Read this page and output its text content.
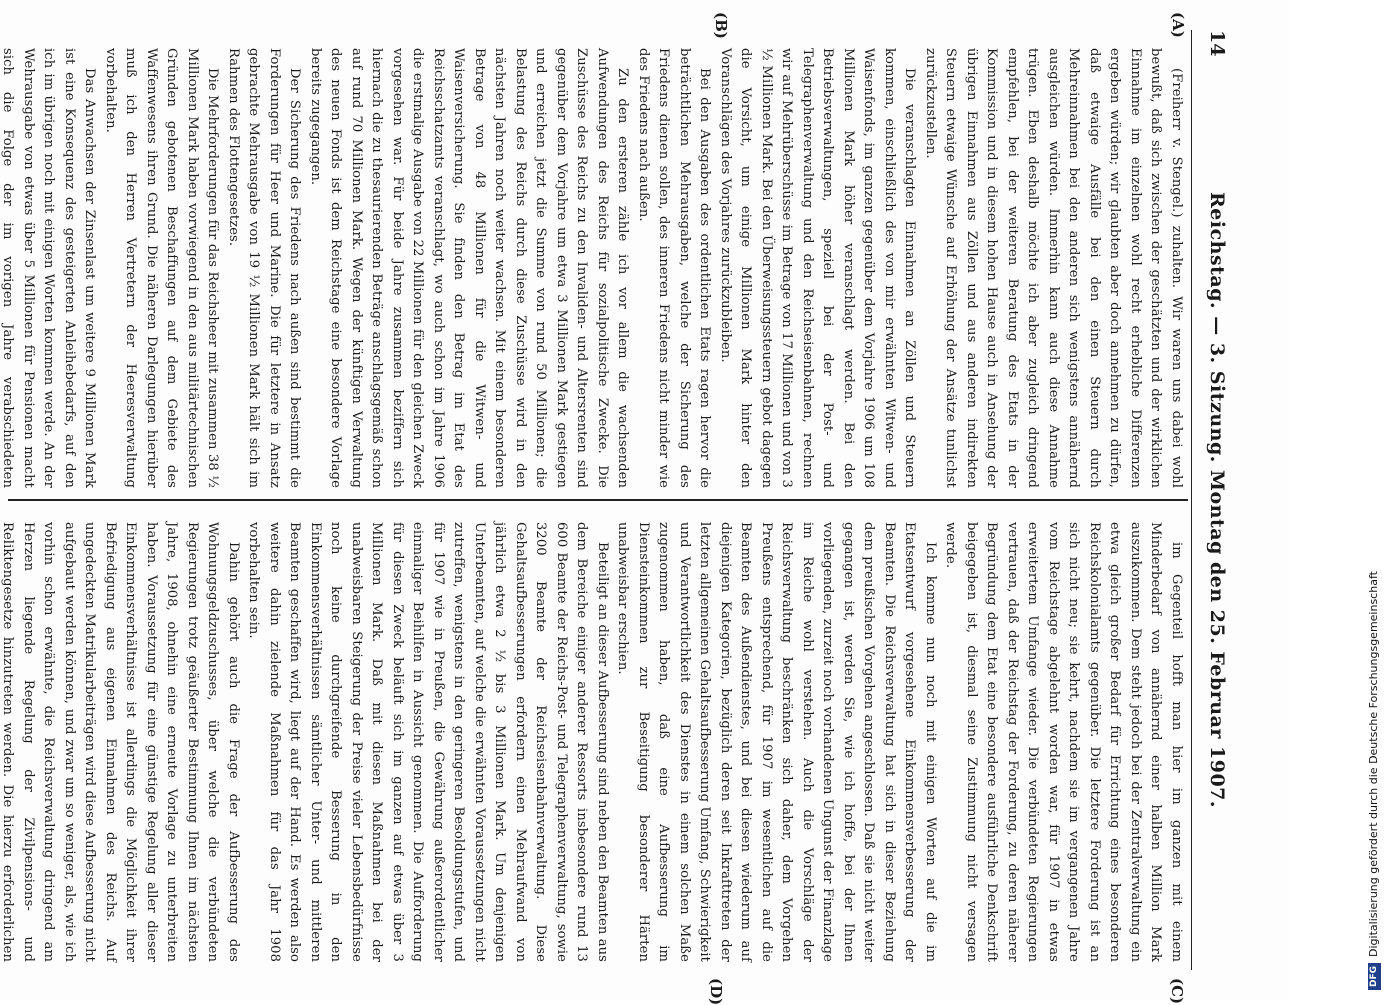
14
Reichstag. — 3. Sitzung. Montag den 25. Februar 1907.
(A)
(B)
(C)
(D)

(Freiherr v. Stengel.) zuhalten. Wir waren uns dabei wohl bewußt, daß sich zwischen der geschätzten und der wirklichen Einnahme im einzelnen wohl recht erhebliche Differenzen ergeben würden; wir glaubten aber doch annehmen zu dürfen, daß etwaige Ausfälle bei den einen Steuern durch Mehreinnahmen bei den anderen sich wenigstens annähernd ausgleichen würden. Immerhin kann auch diese Annahme trügen. Eben deshalb möchte ich aber zugleich dringend empfehlen, bei der weiteren Beratung des Etats in der Kommission und in diesem hohen Hause auch in Ansehung der übrigen Einnahmen aus Zöllen und aus anderen indirekten Steuern etwaige Wünsche auf Erhöhung der Ansätze tunlichst zurückzustellen.

Die veranschlagten Einnahmen an Zöllen und Steuern kommen, einschließlich des von mir erwähnten Witwen- und Waisenfonds, im ganzen gegenüber dem Vorjahre 1906 um 108 Millionen Mark höher veranschlagt werden. Bei den Betriebsverwaltungen, speziell bei der Post- und Telegraphenverwaltung und den Reichseisenbahnen, rechnen wir auf Mehrüberschüsse im Betrage von 17 Millionen und von 3 ½ Millionen Mark. Bei den Überweisungssteuern gebot dagegen die Vorsicht, um einige Millionen Mark hinter den Voranschlägen des Vorjahres zurückzubleiben.

Bei den Ausgaben des ordentlichen Etats ragen hervor die beträchtlichen Mehrausgaben, welche der Sicherung des Friedens dienen sollen, des inneren Friedens nicht minder wie des Friedens nach außen.

Zu den ersteren zähle ich vor allem die wachsenden Aufwendungen des Reichs für sozialpolitische Zwecke. Die Zuschüsse des Reichs zu den Invaliden- und Altersrenten sind gegenüber dem Vorjahre um etwa 3 Millionen Mark gestiegen und erreichen jetzt die Summe von rund 50 Millionen; die Belastung des Reichs durch diese Zuschüsse wird in den nächsten Jahren noch weiter wachsen. Mit einem besonderen Betrage von 48 Millionen für die Witwen- und Waisenversicherung. Sie finden den Betrag im Etat des Reichsschatzamts veranschlagt, wo auch schon im Jahre 1906 die erstmalige Ausgabe von 22 Millionen für den gleichen Zweck vorgesehen war. Für beide Jahre zusammen beziffern sich hiernach die zu thesaurierenden Beträge anschlagsgemäß schon auf rund 70 Millionen Mark. Wegen der künftigen Verwaltung des neuen Fonds ist dem Reichstage eine besondere Vorlage bereits zugegangen.

Der Sicherung des Friedens nach außen sind bestimmt die Forderungen für Heer und Marine. Die für letztere in Ansatz gebrachte Mehrausgabe von 19 ½ Millionen Mark hält sich im Rahmen des Flottengesetzes.

Die Mehrforderungen für das Reichsheer mit zusammen 38 ½ Millionen Mark haben vorwiegend in den aus militärtechnischen Gründen gebotenen Beschaffungen auf dem Gebiete des Waffenwesens ihren Grund. Die näheren Darlegungen hierüber muß ich den Herren Vertretern der Heeresverwaltung vorbehalten.

Das Anwachsen der Zinsenlast um weitere 9 Millionen Mark ist eine Konsequenz des gesteigerten Anleihebedarfs, auf den ich im übrigen noch mit einigen Worten kommen werde. An der Wehrausgabe von etwas über 5 Millionen für Pensionen macht sich die Folge der im vorigen Jahre verabschiedeten

im Gegenteil hofft man hier im ganzen mit einem Minderbedarf von annähernd einer halben Million Mark auszukommen. Dem steht jedoch bei der Zentralverwaltung ein etwa gleich großer Bedarf für Errichtung eines besonderen Reichskolonialamts gegenüber. Die letztere Forderung ist an sich nicht neu; sie kehrt, nachdem sie im vergangenen Jahre vom Reichstage abgelehnt worden war, für 1907 in etwas erweitertem Umfange wieder. Die verbündeten Regierungen vertrauen, daß der Reichstag der Forderung, zu deren näherer Begründung dem Etat eine besondere ausführliche Denkschrift beigegeben ist, diesmal seine Zustimmung nicht versagen werde.

Ich komme nun noch mit einigen Worten auf die im Etatsentwurf vorgesehene Einkommensverbesserung der Beamten. Die Reichsverwaltung hat sich in dieser Beziehung dem preußischen Vorgehen angeschlossen. Daß sie nicht weiter gegangen ist, werden Sie, wie ich hoffe, bei der Ihnen vorliegenden, zurzeit noch vorhandenen Ungunst der Finanzlage im Reiche wohl verstehen. Auch die Vorschläge der Reichsverwaltung beschränken sich daher, dem Vorgehen Preußens entsprechend, für 1907 im wesentlichen auf die Beamten des Außendienstes, und bei diesen wiederum auf diejenigen Kategorien, bezüglich deren seit Inkrafttreten der letzten allgemeinen Gehaltsaufbesserung Umfang, Schwierigkeit und Verantwortlichkeit des Dienstes in einem solchen Maße zugenommen haben, daß eine Aufbesserung im Diensteinkommen zur Beseitigung besonderer Härten unabweisbar erschien.

Beteiligt an dieser Aufbesserung sind neben den Beamten aus dem Bereiche einiger anderer Ressorts insbesondere rund 13 600 Beamte der Reichs-Post- und Telegraphenverwaltung, sowie 3200 Beamte der Reichseisenbahnverwaltung. Diese Gehaltsaufbesserungen erfordern einen Mehraufwand von jährlich etwa 2 ½ bis 3 Millionen Mark. Um denjenigen Unterbeamten, auf welche die erwähnten Voraussetzungen nicht zutreffen, wenigstens in den geringeren Besoldungsstufen, und für 1907 wie in Preußen, die Gewährung außerordentlicher einmaliger Beihilfen in Aussicht genommen. Die Aufforderung für diesen Zweck beläuft sich im ganzen auf etwas über 3 Millionen Mark. Daß mit diesen Maßnahmen bei der unabweisbaren Steigerung der Preise vieler Lebensbedürfnisse noch keine durchgreifende Besserung in den Einkommensverhältnissen sämtlicher Unter- und mittleren Beamten geschaffen wird, liegt auf der Hand. Es werden also weitere dahin zielende Maßnahmen für das Jahr 1908 vorbehalten sein.

Dahin gehört auch die Frage der Aufbesserung des Wohnungsgeldzuschusses, über welche die verbündeten Regierungen trotz geäußerter Bestimmung Ihnen im nächsten Jahre, 1908, ohnehin eine erneute Vorlage zu unterbreiten haben. Voraussetzung für eine günstige Regelung aller dieser Einkommensverhältnisse ist allerdings die Möglichkeit ihrer Befriedigung aus eigenen Einnahmen des Reichs. Auf ungedeckten Matrikularbeiträgen wird diese Aufbesserung nicht aufgebaut werden können, und zwar um so weniger, als, wie ich vorhin schon erwähnte, die Reichsverwaltung dringend am Herzen liegende Regelung der Zivilpensions- und Reliktengesetze hinzutreten werden. Die hierzu erforderlichen

DFGDigitalisierung gefördert durch die Deutsche Forschungsgemeinschaft
